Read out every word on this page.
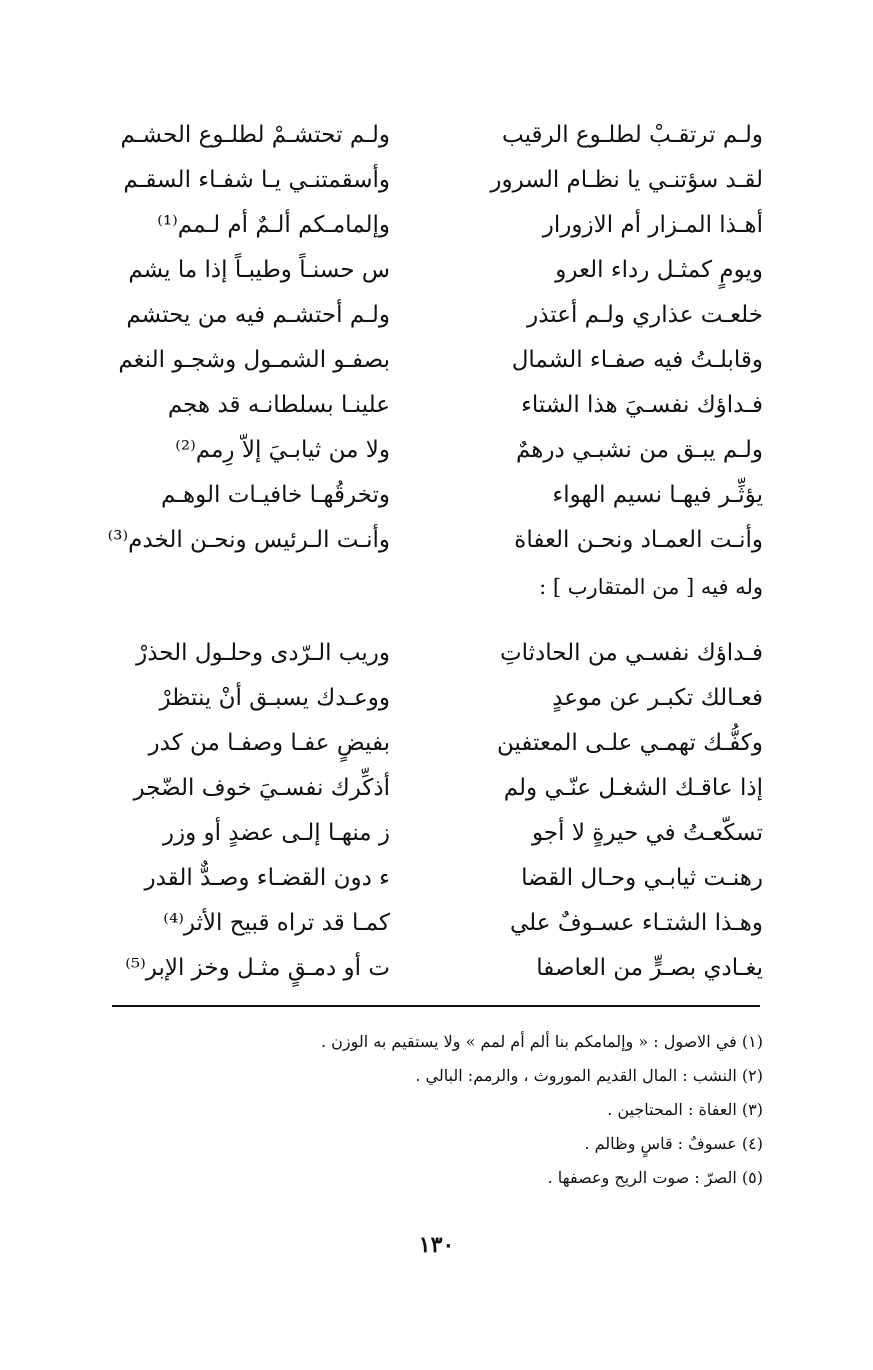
ولـم ترتقـبْ لطلـوع الرقيب
ولـم تحتشـمْ لطلـوع الحشـم
لقـد سؤتنـي يا نظـام السرور
وأسقمتنـي يـا شفـاء السقـم
أهـذا المـزار أم الازورار
وإلمامـكم ألـمٌ أم لـمم⁽¹⁾
ويومٍ كمثـل رداء العرو
س حسنـاً وطيبـاً إذا ما يشم
خلعـت عذاري ولـم أعتذر
ولـم أحتشـم فيه من يحتشم
وقابلـتُ فيه صفـاء الشمال
بصفـو الشمـول وشجـو النغم
فـداؤك نفسـيَ هذا الشتاء
علينـا بسلطانـه قد هجم
ولـم يبـق من نشبـي درهمٌ
ولا من ثيابـيَ إلاّ رِمم⁽²⁾
يؤثِّـر فيهـا نسيم الهواء
وتخرقُهـا خافيـات الوهـم
وأنـت العمـاد ونحـن العفاة
وأنـت الـرئيس ونحـن الخدم⁽³⁾
وله فيه [ من المتقارب ] :
فـداؤك نفسـي من الحادثاتِ
وريب الـرّدى وحلـول الحذرْ
فعـالك تكبـر عن موعدٍ
ووعـدك يسبـق أنْ ينتظرْ
وكفُّـك تهمـي علـى المعتفين
بفيضٍ عفـا وصفـا من كدر
إذا عاقـك الشغـل عنّـي ولم
أذكِّرك نفسـيَ خوف الضّجر
تسكّعـتُ في حيرةٍ لا أجو
ز منهـا إلـى عضدٍ أو وزر
رهنـت ثيابـي وحـال القضا
ء دون القضـاء وصـدٌّ القدر
وهـذا الشتـاء عسـوفٌ علي
كمـا قد تراه قبيح الأثر⁽⁴⁾
يغـادي بصـرٍّ من العاصفا
ت أو دمـقٍ مثـل وخز الإبر⁽⁵⁾
(١) في الاصول : « وإلمامكم بنا ألم أم لمم » ولا يستقيم به الوزن .
(٢) النشب : المال القديم الموروث ، والرمم: البالي .
(٣) العفاة : المحتاجين .
(٤) عسوفٌ : قاسٍ وظالم .
(٥) الصرّ : صوت الريح وعصفها .
١٣٠
